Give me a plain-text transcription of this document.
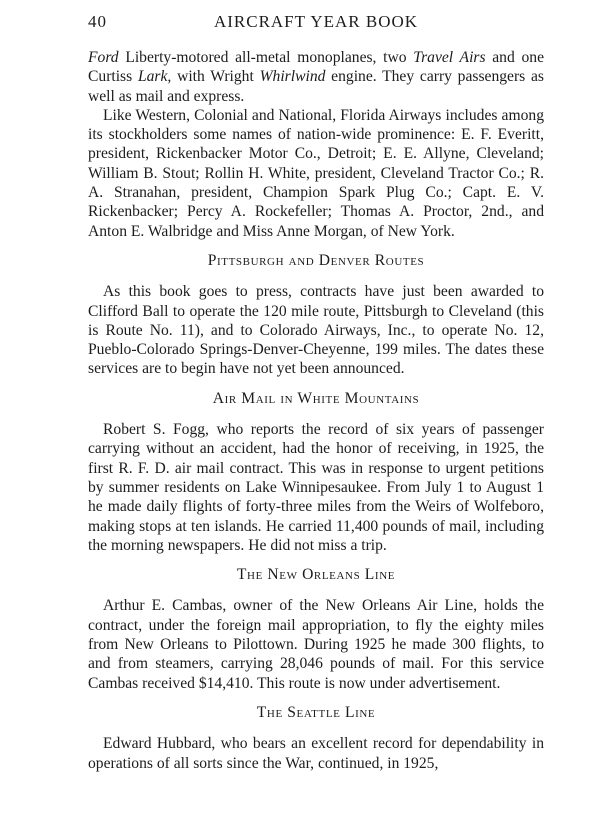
40	AIRCRAFT YEAR BOOK

Ford Liberty-motored all-metal monoplanes, two Travel Airs and one Curtiss Lark, with Wright Whirlwind engine. They carry passengers as well as mail and express.

Like Western, Colonial and National, Florida Airways includes among its stockholders some names of nation-wide prominence: E. F. Everitt, president, Rickenbacker Motor Co., Detroit; E. E. Allyne, Cleveland; William B. Stout; Rollin H. White, president, Cleveland Tractor Co.; R. A. Stranahan, president, Champion Spark Plug Co.; Capt. E. V. Rickenbacker; Percy A. Rockefeller; Thomas A. Proctor, 2nd., and Anton E. Walbridge and Miss Anne Morgan, of New York.

Pittsburgh and Denver Routes

As this book goes to press, contracts have just been awarded to Clifford Ball to operate the 120 mile route, Pittsburgh to Cleveland (this is Route No. 11), and to Colorado Airways, Inc., to operate No. 12, Pueblo-Colorado Springs-Denver-Cheyenne, 199 miles. The dates these services are to begin have not yet been announced.

Air Mail in White Mountains

Robert S. Fogg, who reports the record of six years of passenger carrying without an accident, had the honor of receiving, in 1925, the first R. F. D. air mail contract. This was in response to urgent petitions by summer residents on Lake Winnipesaukee. From July 1 to August 1 he made daily flights of forty-three miles from the Weirs of Wolfeboro, making stops at ten islands. He carried 11,400 pounds of mail, including the morning newspapers. He did not miss a trip.

The New Orleans Line

Arthur E. Cambas, owner of the New Orleans Air Line, holds the contract, under the foreign mail appropriation, to fly the eighty miles from New Orleans to Pilottown. During 1925 he made 300 flights, to and from steamers, carrying 28,046 pounds of mail. For this service Cambas received $14,410. This route is now under advertisement.

The Seattle Line

Edward Hubbard, who bears an excellent record for dependability in operations of all sorts since the War, continued, in 1925,
